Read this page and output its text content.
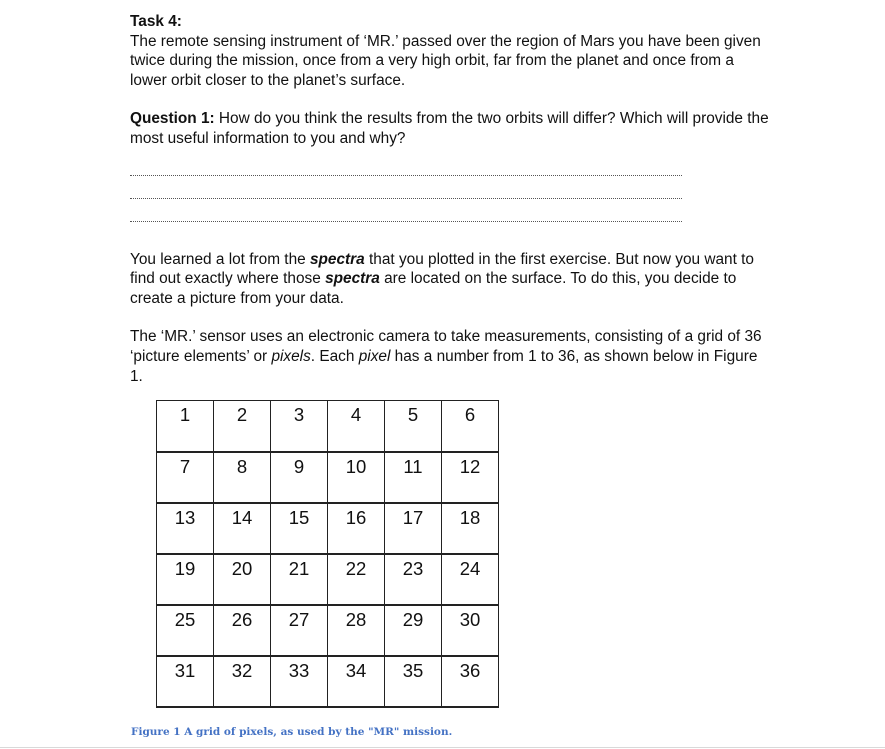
Task 4:

The remote sensing instrument of ‘MR.’ passed over the region of Mars you have been given twice during the mission, once from a very high orbit, far from the planet and once from a lower orbit closer to the planet’s surface.

Question 1: How do you think the results from the two orbits will differ? Which will provide the most useful information to you and why?

You learned a lot from the spectra that you plotted in the first exercise. But now you want to find out exactly where those spectra are located on the surface. To do this, you decide to create a picture from your data.

The ‘MR.’ sensor uses an electronic camera to take measurements, consisting of a grid of 36 ‘picture elements’ or pixels. Each pixel has a number from 1 to 36, as shown below in Figure 1.

1	2	3	4	5	6
7	8	9	10	11	12
13	14	15	16	17	18
19	20	21	22	23	24
25	26	27	28	29	30
31	32	33	34	35	36

Figure 1 A grid of pixels, as used by the "MR" mission.
